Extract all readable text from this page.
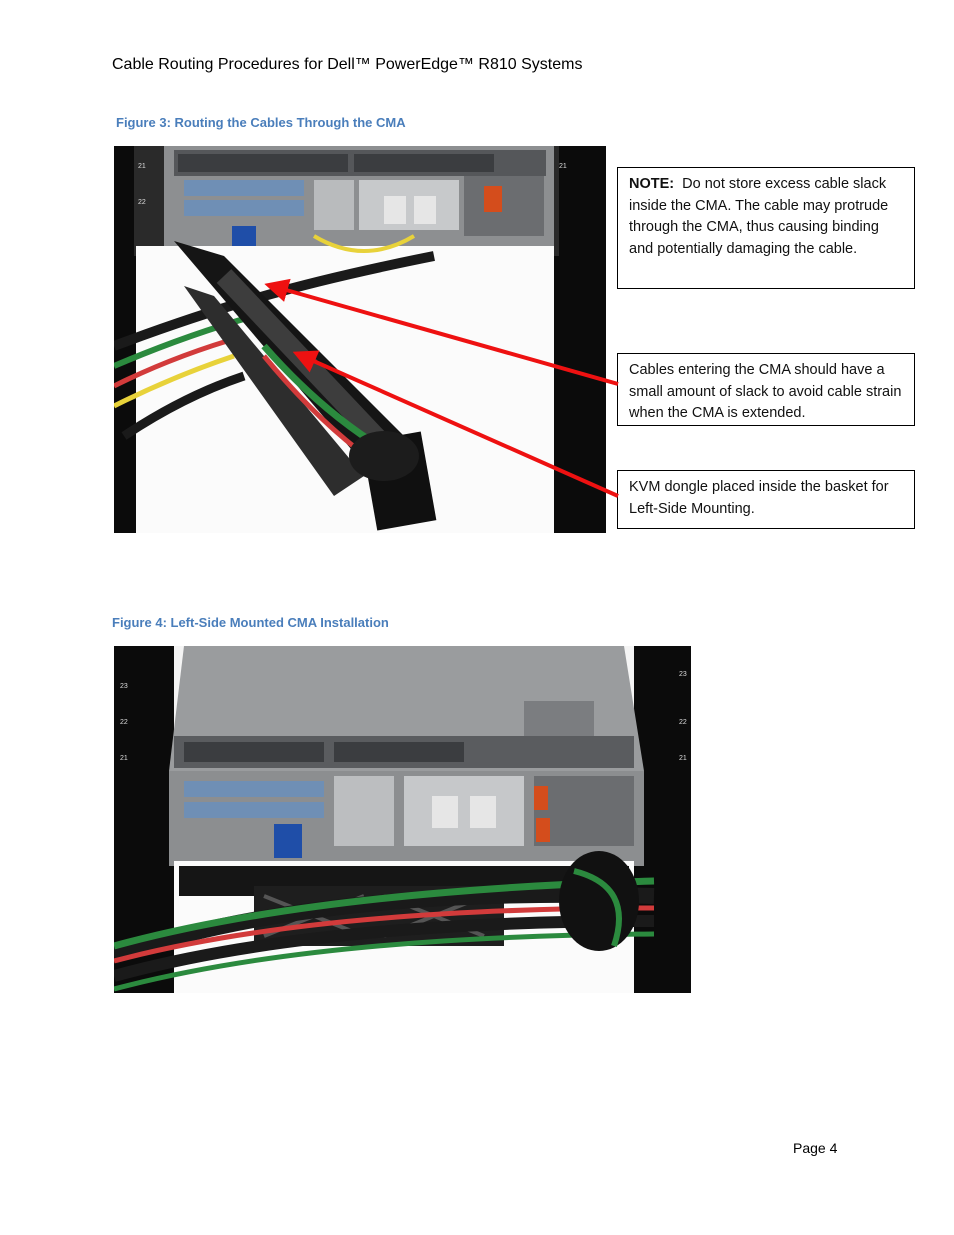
Cable Routing Procedures for Dell™ PowerEdge™ R810 Systems
Figure 3: Routing the Cables Through the CMA
21
22
21
NOTE: Do not store excess cable slack inside the CMA. The cable may protrude through the CMA, thus causing binding and potentially damaging the cable.
Cables entering the CMA should have a small amount of slack to avoid cable strain when the CMA is extended.
KVM dongle placed inside the basket for Left-Side Mounting.
Figure 4: Left-Side Mounted CMA Installation
23
22
21
23
22
21
Page 4
